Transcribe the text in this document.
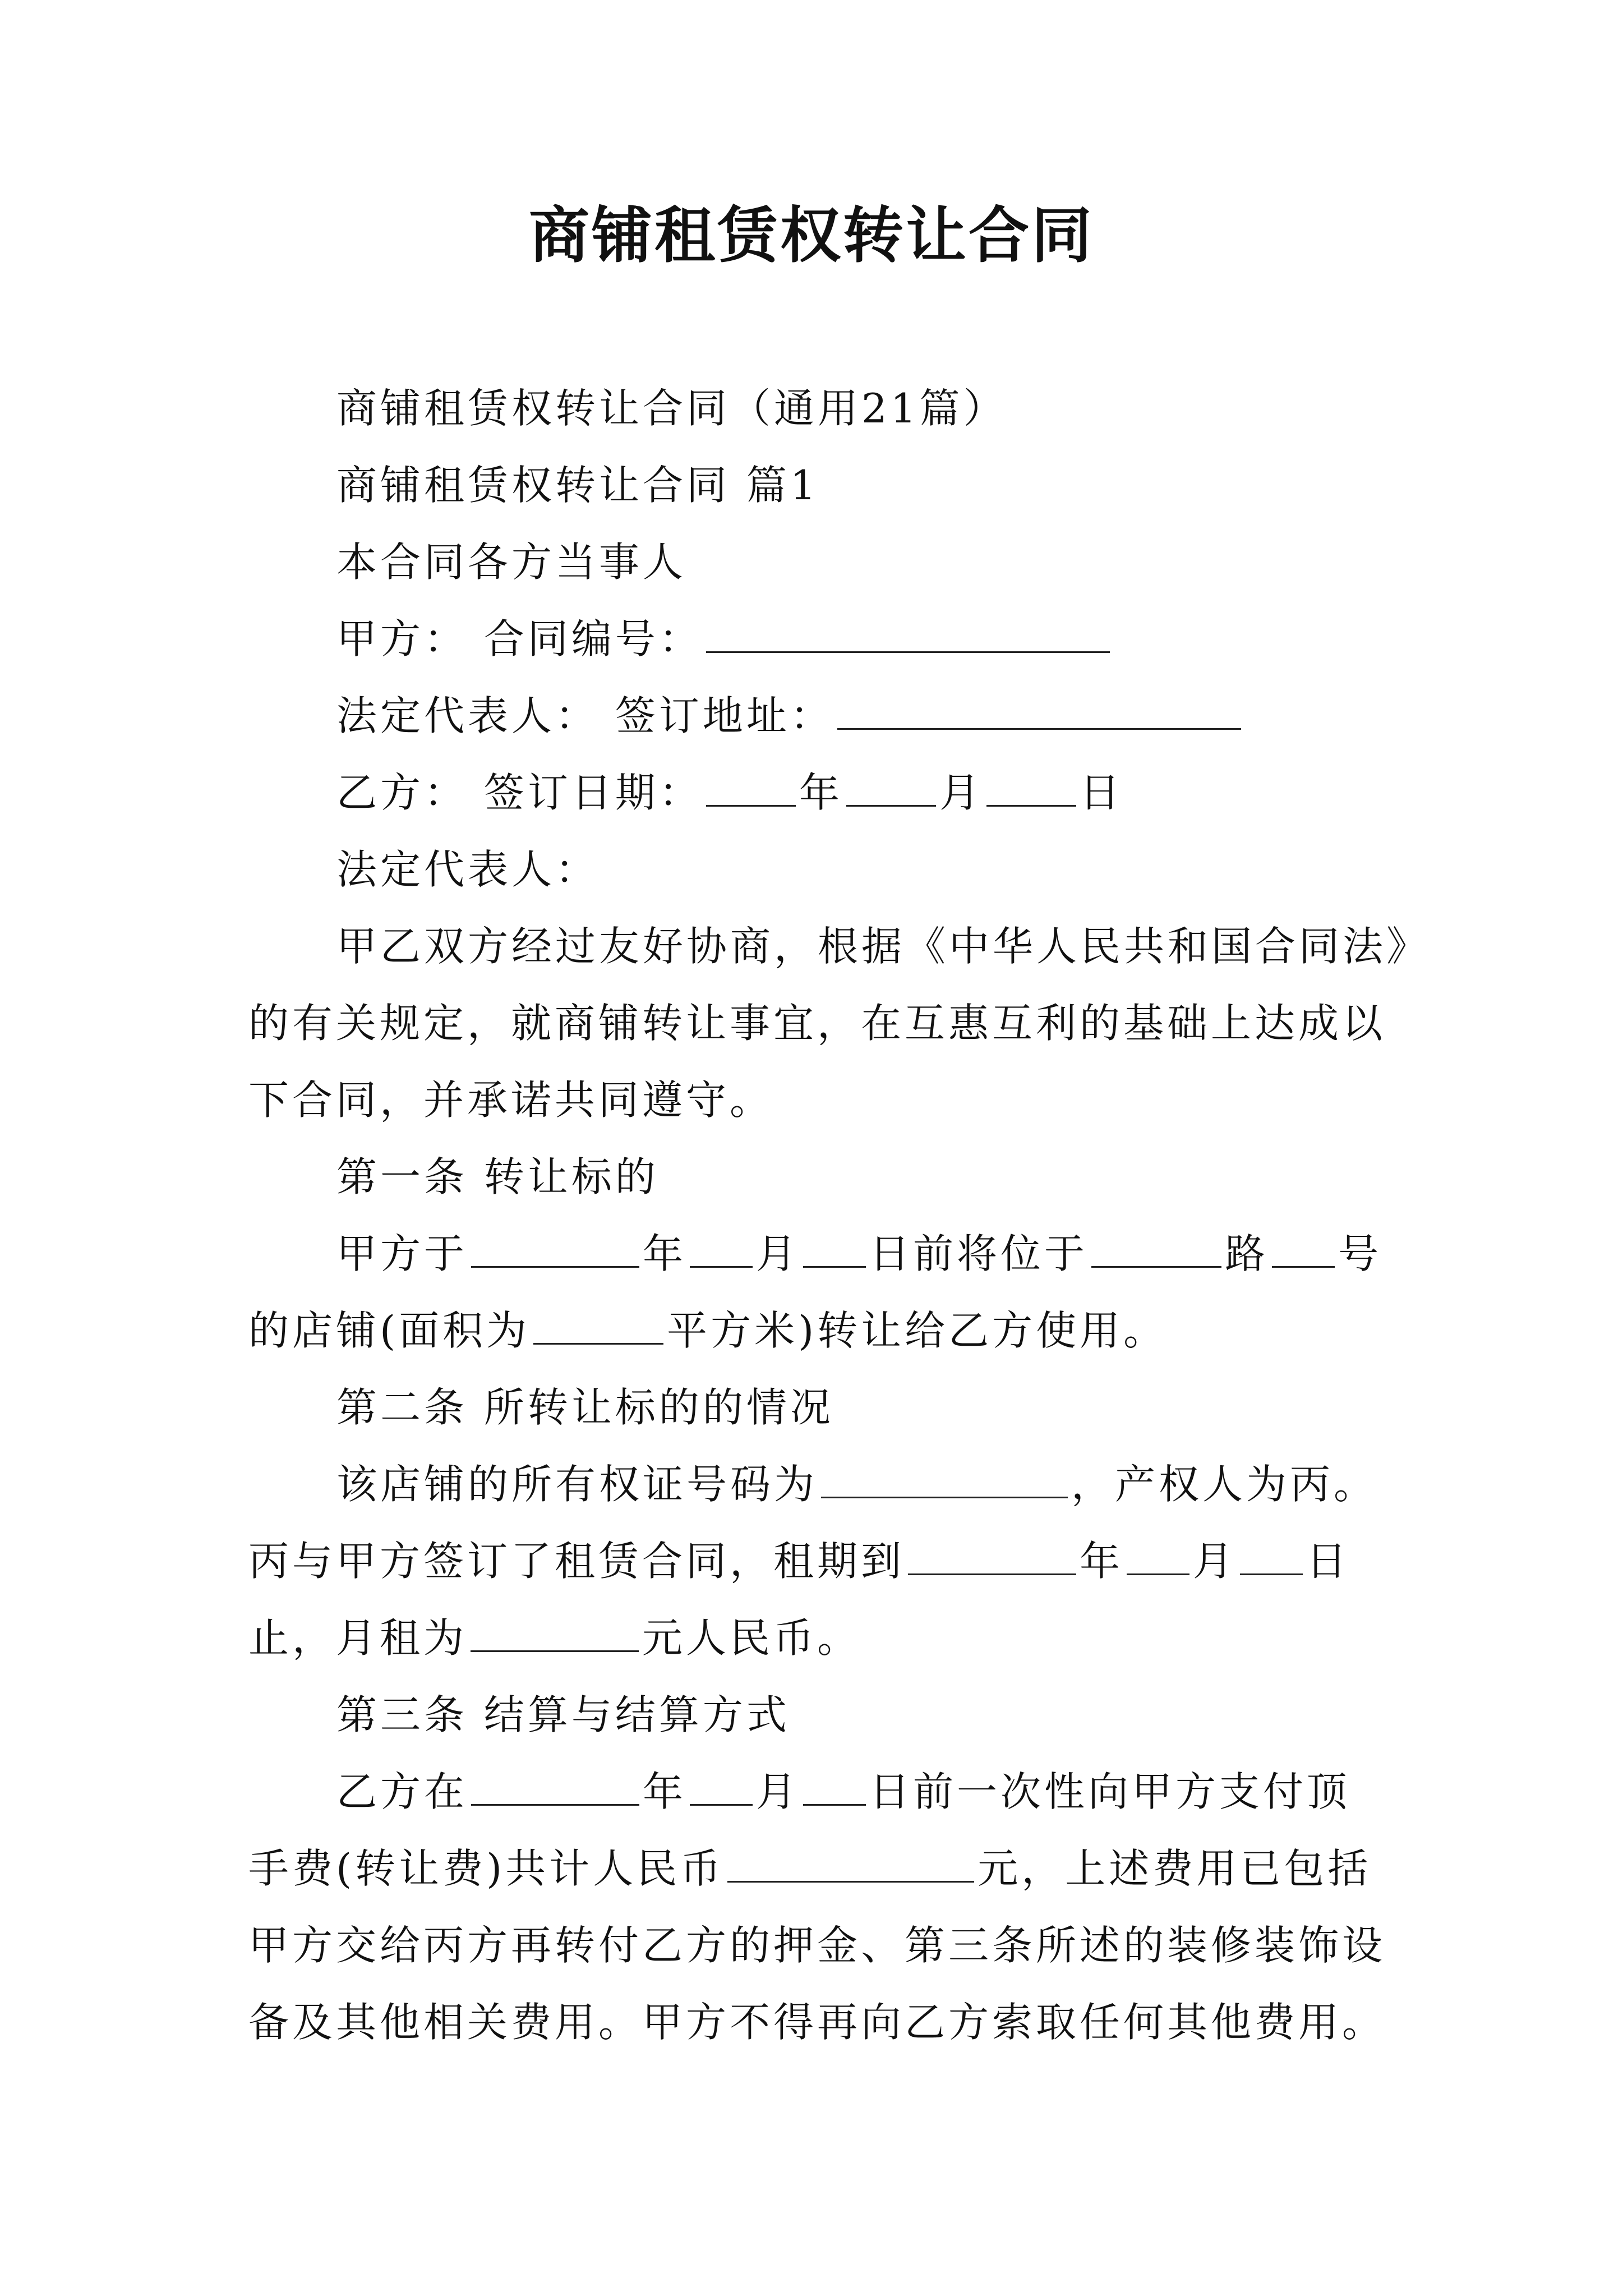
商铺租赁权转让合同
商铺租赁权转让合同（通用21篇）
商铺租赁权转让合同 篇1
本合同各方当事人
甲方： 合同编号：
法定代表人： 签订地址：
乙方： 签订日期： 年 月 日
法定代表人：
甲乙双方经过友好协商，根据《中华人民共和国合同法》
的有关规定，就商铺转让事宜，在互惠互利的基础上达成以
下合同，并承诺共同遵守。
第一条 转让标的
甲方于	年 月 日前将位于	路 号
的店铺(面积为	平方米)转让给乙方使用。
第二条 所转让标的的情况
该店铺的所有权证号码为	，产权人为丙。
丙与甲方签订了租赁合同，租期到	年 月 日
止，月租为	元人民币。
第三条 结算与结算方式
乙方在	年 月 日前一次性向甲方支付顶
手费(转让费)共计人民币	元，上述费用已包括
甲方交给丙方再转付乙方的押金、第三条所述的装修装饰设
备及其他相关费用。甲方不得再向乙方索取任何其他费用。
